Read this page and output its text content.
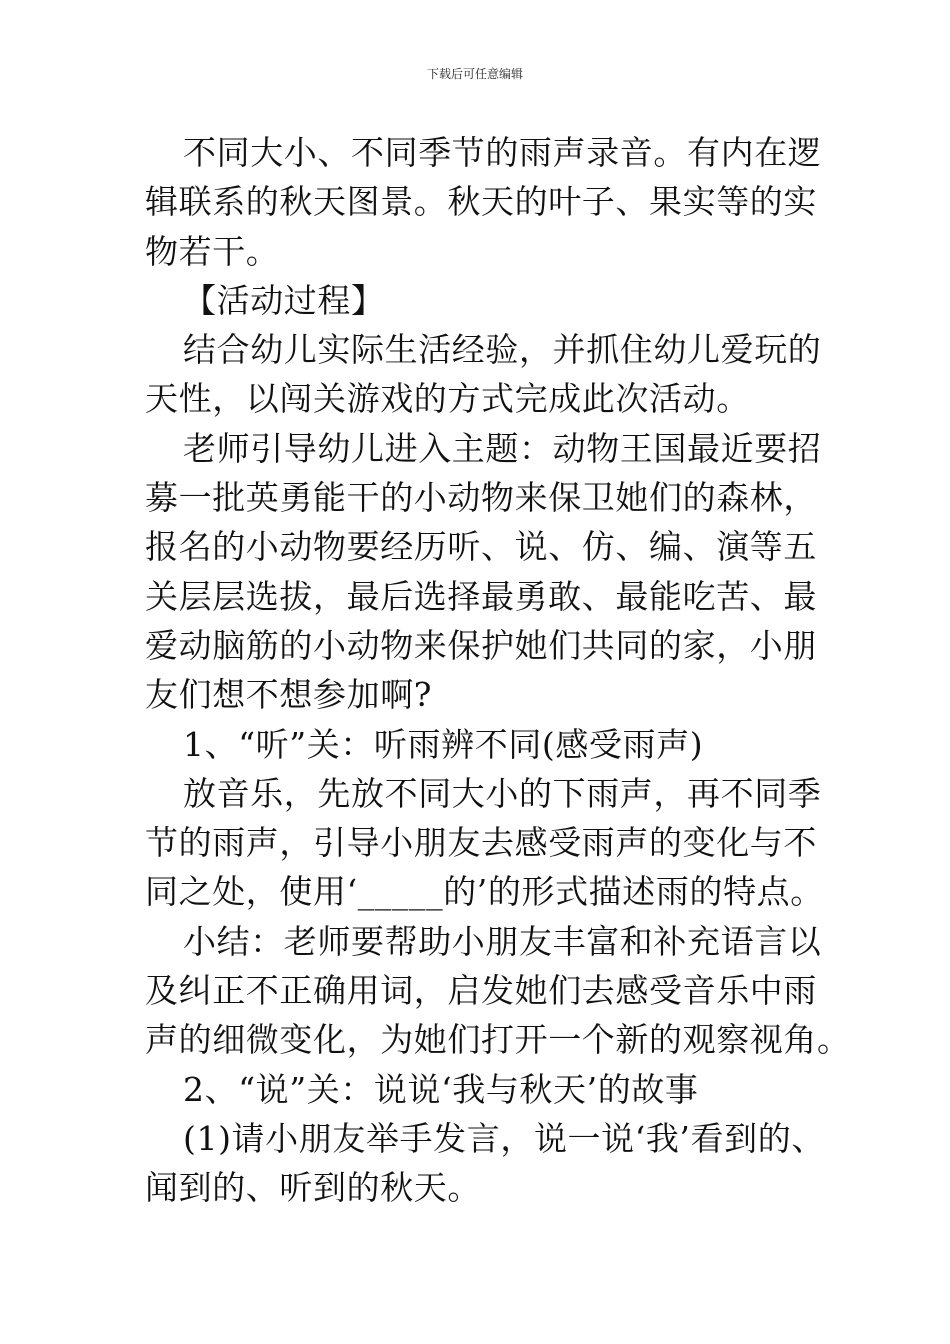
下载后可任意编辑

不同大小、不同季节的雨声录音。有内在逻
辑联系的秋天图景。秋天的叶子、果实等的实
物若干。

【活动过程】

结合幼儿实际生活经验，并抓住幼儿爱玩的
天性，以闯关游戏的方式完成此次活动。

老师引导幼儿进入主题：动物王国最近要招
募一批英勇能干的小动物来保卫她们的森林，
报名的小动物要经历听、说、仿、编、演等五
关层层选拔，最后选择最勇敢、最能吃苦、最
爱动脑筋的小动物来保护她们共同的家，小朋
友们想不想参加啊?

1、“听”关：听雨辨不同(感受雨声)

放音乐，先放不同大小的下雨声，再不同季
节的雨声，引导小朋友去感受雨声的变化与不
同之处，使用‘_____的’的形式描述雨的特点。

小结：老师要帮助小朋友丰富和补充语言以
及纠正不正确用词，启发她们去感受音乐中雨
声的细微变化，为她们打开一个新的观察视角。

2、“说”关：说说‘我与秋天’的故事

(1)请小朋友举手发言，说一说‘我’看到的、
闻到的、听到的秋天。
